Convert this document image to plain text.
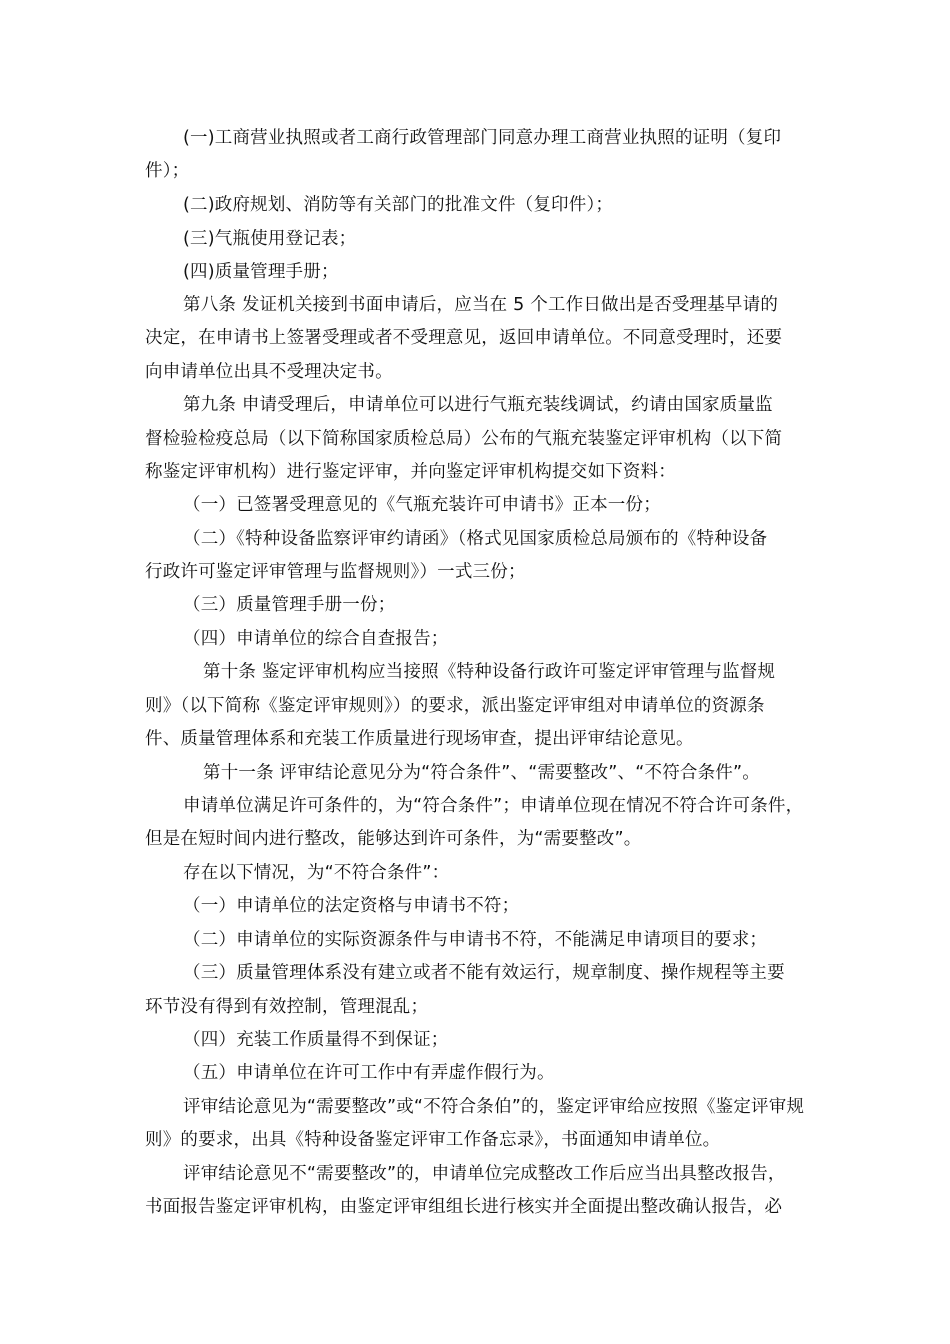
(一)工商营业执照或者工商行政管理部门同意办理工商营业执照的证明（复印
件）；
(二)政府规划、消防等有关部门的批准文件（复印件）；
(三)气瓶使用登记表；
(四)质量管理手册；
第八条 发证机关接到书面申请后，应当在 5 个工作日做出是否受理基早请的
决定，在申请书上签署受理或者不受理意见，返回申请单位。不同意受理时，还要
向申请单位出具不受理决定书。
第九条 申请受理后，申请单位可以进行气瓶充装线调试，约请由国家质量监
督检验检疫总局（以下简称国家质检总局）公布的气瓶充装鉴定评审机构（以下简
称鉴定评审机构）进行鉴定评审，并向鉴定评审机构提交如下资料：
（一）已签署受理意见的《气瓶充装许可申请书》正本一份；
（二）《特种设备监察评审约请函》（格式见国家质检总局颁布的《特种设备
行政许可鉴定评审管理与监督规则》）一式三份；
（三）质量管理手册一份；
（四）申请单位的综合自查报告；
第十条 鉴定评审机构应当接照《特种设备行政许可鉴定评审管理与监督规
则》（以下简称《鉴定评审规则》）的要求，派出鉴定评审组对申请单位的资源条
件、质量管理体系和充装工作质量进行现场审查，提出评审结论意见。
第十一条 评审结论意见分为“符合条件”、“需要整改”、“不符合条件”。
申请单位满足许可条件的，为“符合条件”；申请单位现在情况不符合许可条件，
但是在短时间内进行整改，能够达到许可条件，为“需要整改”。
存在以下情况，为“不符合条件”：
（一）申请单位的法定资格与申请书不符；
（二）申请单位的实际资源条件与申请书不符，不能满足申请项目的要求；
（三）质量管理体系没有建立或者不能有效运行，规章制度、操作规程等主要
环节没有得到有效控制，管理混乱；
（四）充装工作质量得不到保证；
（五）申请单位在许可工作中有弄虚作假行为。
评审结论意见为“需要整改”或“不符合条伯”的，鉴定评审给应按照《鉴定评审规
则》的要求，出具《特种设备鉴定评审工作备忘录》，书面通知申请单位。
评审结论意见不“需要整改”的，申请单位完成整改工作后应当出具整改报告，
书面报告鉴定评审机构，由鉴定评审组组长进行核实并全面提出整改确认报告，必
